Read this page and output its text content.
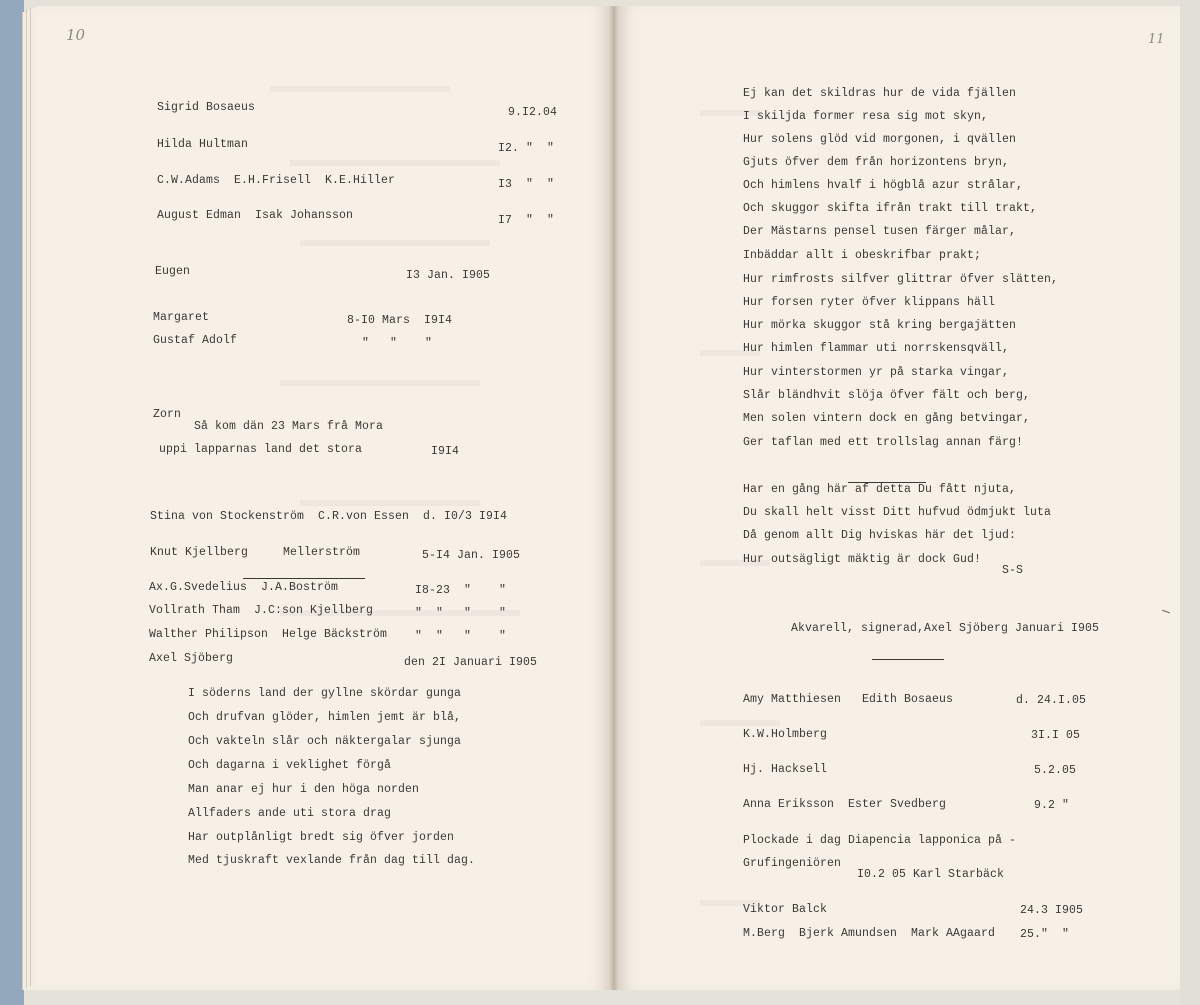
10	11
Sigrid Bosaeus	9.I2.04
Hilda Hultman	I2. "  "
C.W.Adams  E.H.Frisell  K.E.Hiller	I3  "  "
August Edman  Isak Johansson	I7  "  "
Eugen	I3 Jan. I905
Margaret	8-I0 Mars  I9I4
Gustaf Adolf	"   "    "
Zorn
Så kom dän 23 Mars frå Mora
uppi lapparnas land det stora	I9I4
Stina von Stockenström  C.R.von Essen  d. I0/3 I9I4
Knut Kjellberg     Mellerström	5-I4 Jan. I905
Ax.G.Svedelius  J.A.Boström	I8-23  "    "
Vollrath Tham  J.C:son Kjellberg	"  "   "    "
Walther Philipson  Helge Bäckström "  "   "    "
Axel Sjöberg	den 2I Januari I905
I söderns land der gyllne skördar gunga
Och drufvan glöder, himlen jemt är blå,
Och vakteln slår och näktergalar sjunga
Och dagarna i veklighet förgå
Man anar ej hur i den höga norden
Allfaders ande uti stora drag
Har outplånligt bredt sig öfver jorden
Med tjuskraft vexlande från dag till dag.
Ej kan det skildras hur de vida fjällen
I skiljda former resa sig mot skyn,
Hur solens glöd vid morgonen, i qvällen
Gjuts öfver dem från horizontens bryn,
Och himlens hvalf i högblå azur strålar,
Och skuggor skifta ifrån trakt till trakt,
Der Mästarns pensel tusen färger målar,
Inbäddar allt i obeskrifbar prakt;
Hur rimfrosts silfver glittrar öfver slätten,
Hur forsen ryter öfver klippans häll
Hur mörka skuggor stå kring bergajätten
Hur himlen flammar uti norrskensqväll,
Hur vinterstormen yr på starka vingar,
Slår bländhvit slöja öfver fält och berg,
Men solen vintern dock en gång betvingar,
Ger taflan med ett trollslag annan färg!
Har en gång här af detta Du fått njuta,
Du skall helt visst Ditt hufvud ödmjukt luta
Då genom allt Dig hviskas här det ljud:
Hur outsägligt mäktig är dock Gud!
S-S
Akvarell, signerad,Axel Sjöberg Januari I905
Amy Matthiesen   Edith Bosaeus	d. 24.I.05
K.W.Holmberg	3I.I 05
Hj. Hacksell	5.2.05
Anna Eriksson  Ester Svedberg	9.2 "
Plockade i dag Diapencia lapponica på -
Grufingeniören
I0.2 05 Karl Starbäck
Viktor Balck	24.3 I905
M.Berg  Bjerk Amundsen  Mark AAgaard 25."  "
